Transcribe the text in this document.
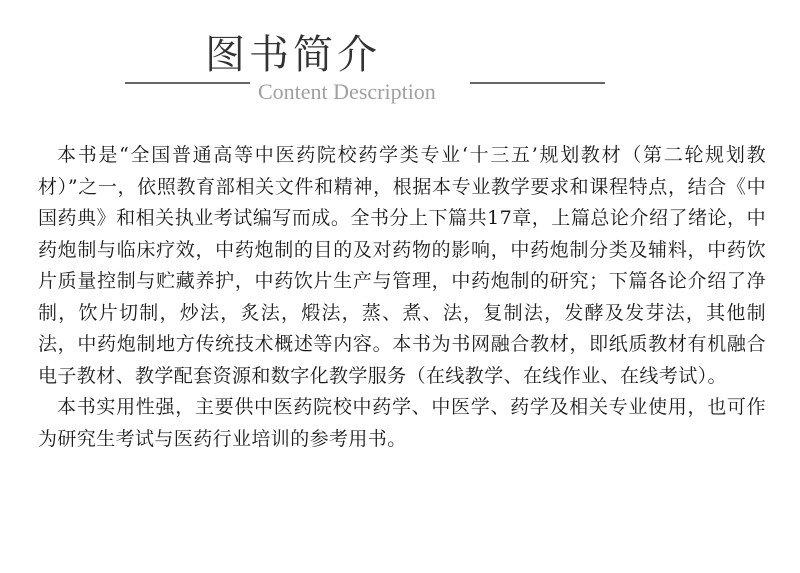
图书简介
Content Description

本书是“全国普通高等中医药院校药学类专业‘十三五’规划教材（第二轮规划教材）”之一，依照教育部相关文件和精神，根据本专业教学要求和课程特点，结合《中国药典》和相关执业考试编写而成。全书分上下篇共17章，上篇总论介绍了绪论，中药炮制与临床疗效，中药炮制的目的及对药物的影响，中药炮制分类及辅料，中药饮片质量控制与贮藏养护，中药饮片生产与管理，中药炮制的研究；下篇各论介绍了净制，饮片切制，炒法，炙法，煅法，蒸、煮、法，复制法，发酵及发芽法，其他制法，中药炮制地方传统技术概述等内容。本书为书网融合教材，即纸质教材有机融合电子教材、教学配套资源和数字化教学服务（在线教学、在线作业、在线考试）。

本书实用性强，主要供中医药院校中药学、中医学、药学及相关专业使用，也可作为研究生考试与医药行业培训的参考用书。
